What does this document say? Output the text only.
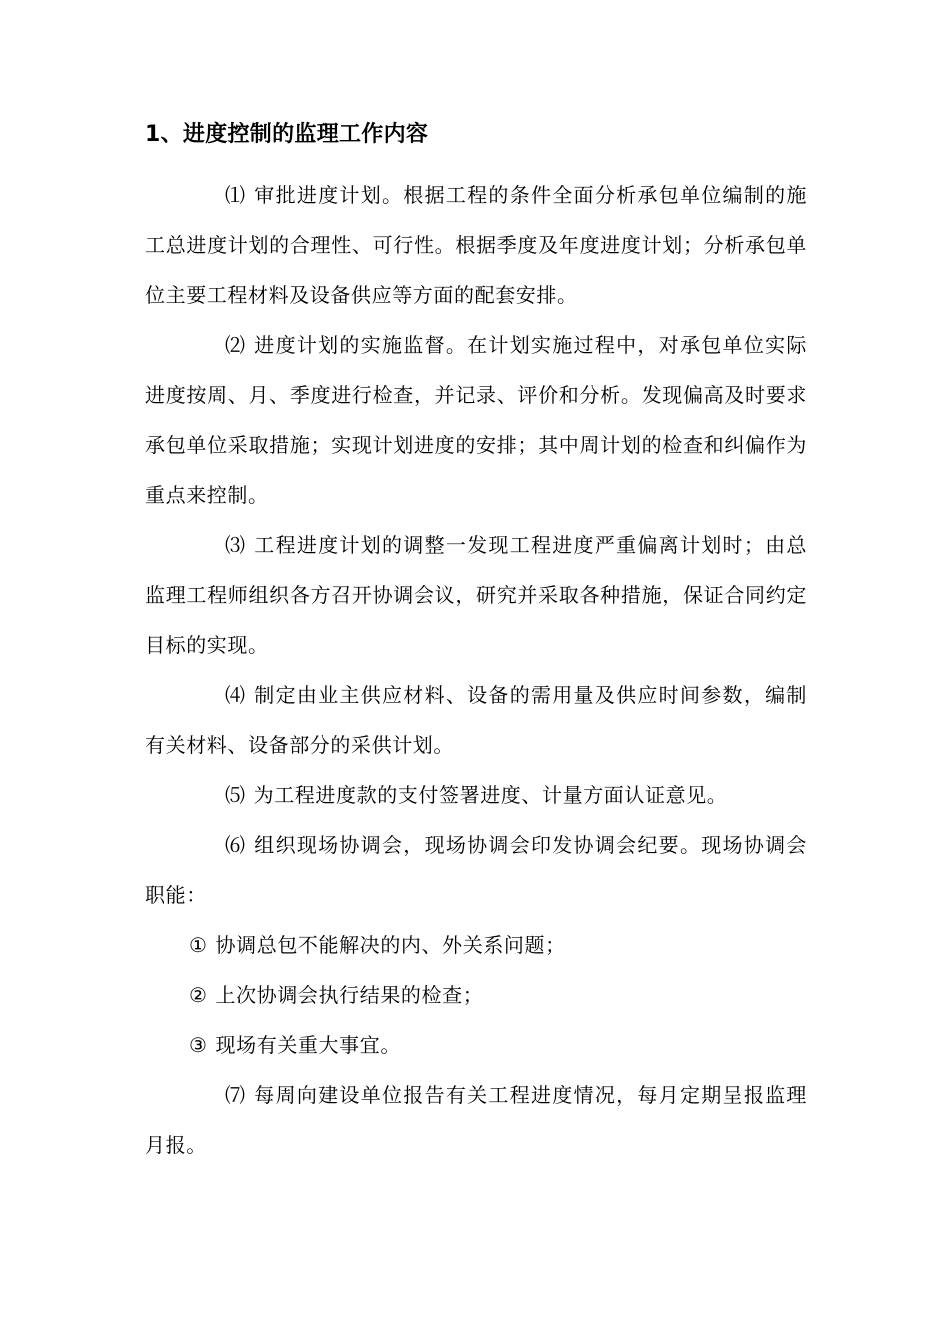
1、进度控制的监理工作内容

⑴ 审批进度计划。根据工程的条件全面分析承包单位编制的施工总进度计划的合理性、可行性。根据季度及年度进度计划；分析承包单位主要工程材料及设备供应等方面的配套安排。

⑵ 进度计划的实施监督。在计划实施过程中，对承包单位实际进度按周、月、季度进行检查，并记录、评价和分析。发现偏高及时要求承包单位采取措施；实现计划进度的安排；其中周计划的检查和纠偏作为重点来控制。

⑶ 工程进度计划的调整一发现工程进度严重偏离计划时；由总监理工程师组织各方召开协调会议，研究并采取各种措施，保证合同约定目标的实现。

⑷ 制定由业主供应材料、设备的需用量及供应时间参数，编制有关材料、设备部分的采供计划。

⑸ 为工程进度款的支付签署进度、计量方面认证意见。

⑹ 组织现场协调会，现场协调会印发协调会纪要。现场协调会职能：

① 协调总包不能解决的内、外关系问题；

② 上次协调会执行结果的检查；

③ 现场有关重大事宜。

⑺ 每周向建设单位报告有关工程进度情况，每月定期呈报监理月报。
